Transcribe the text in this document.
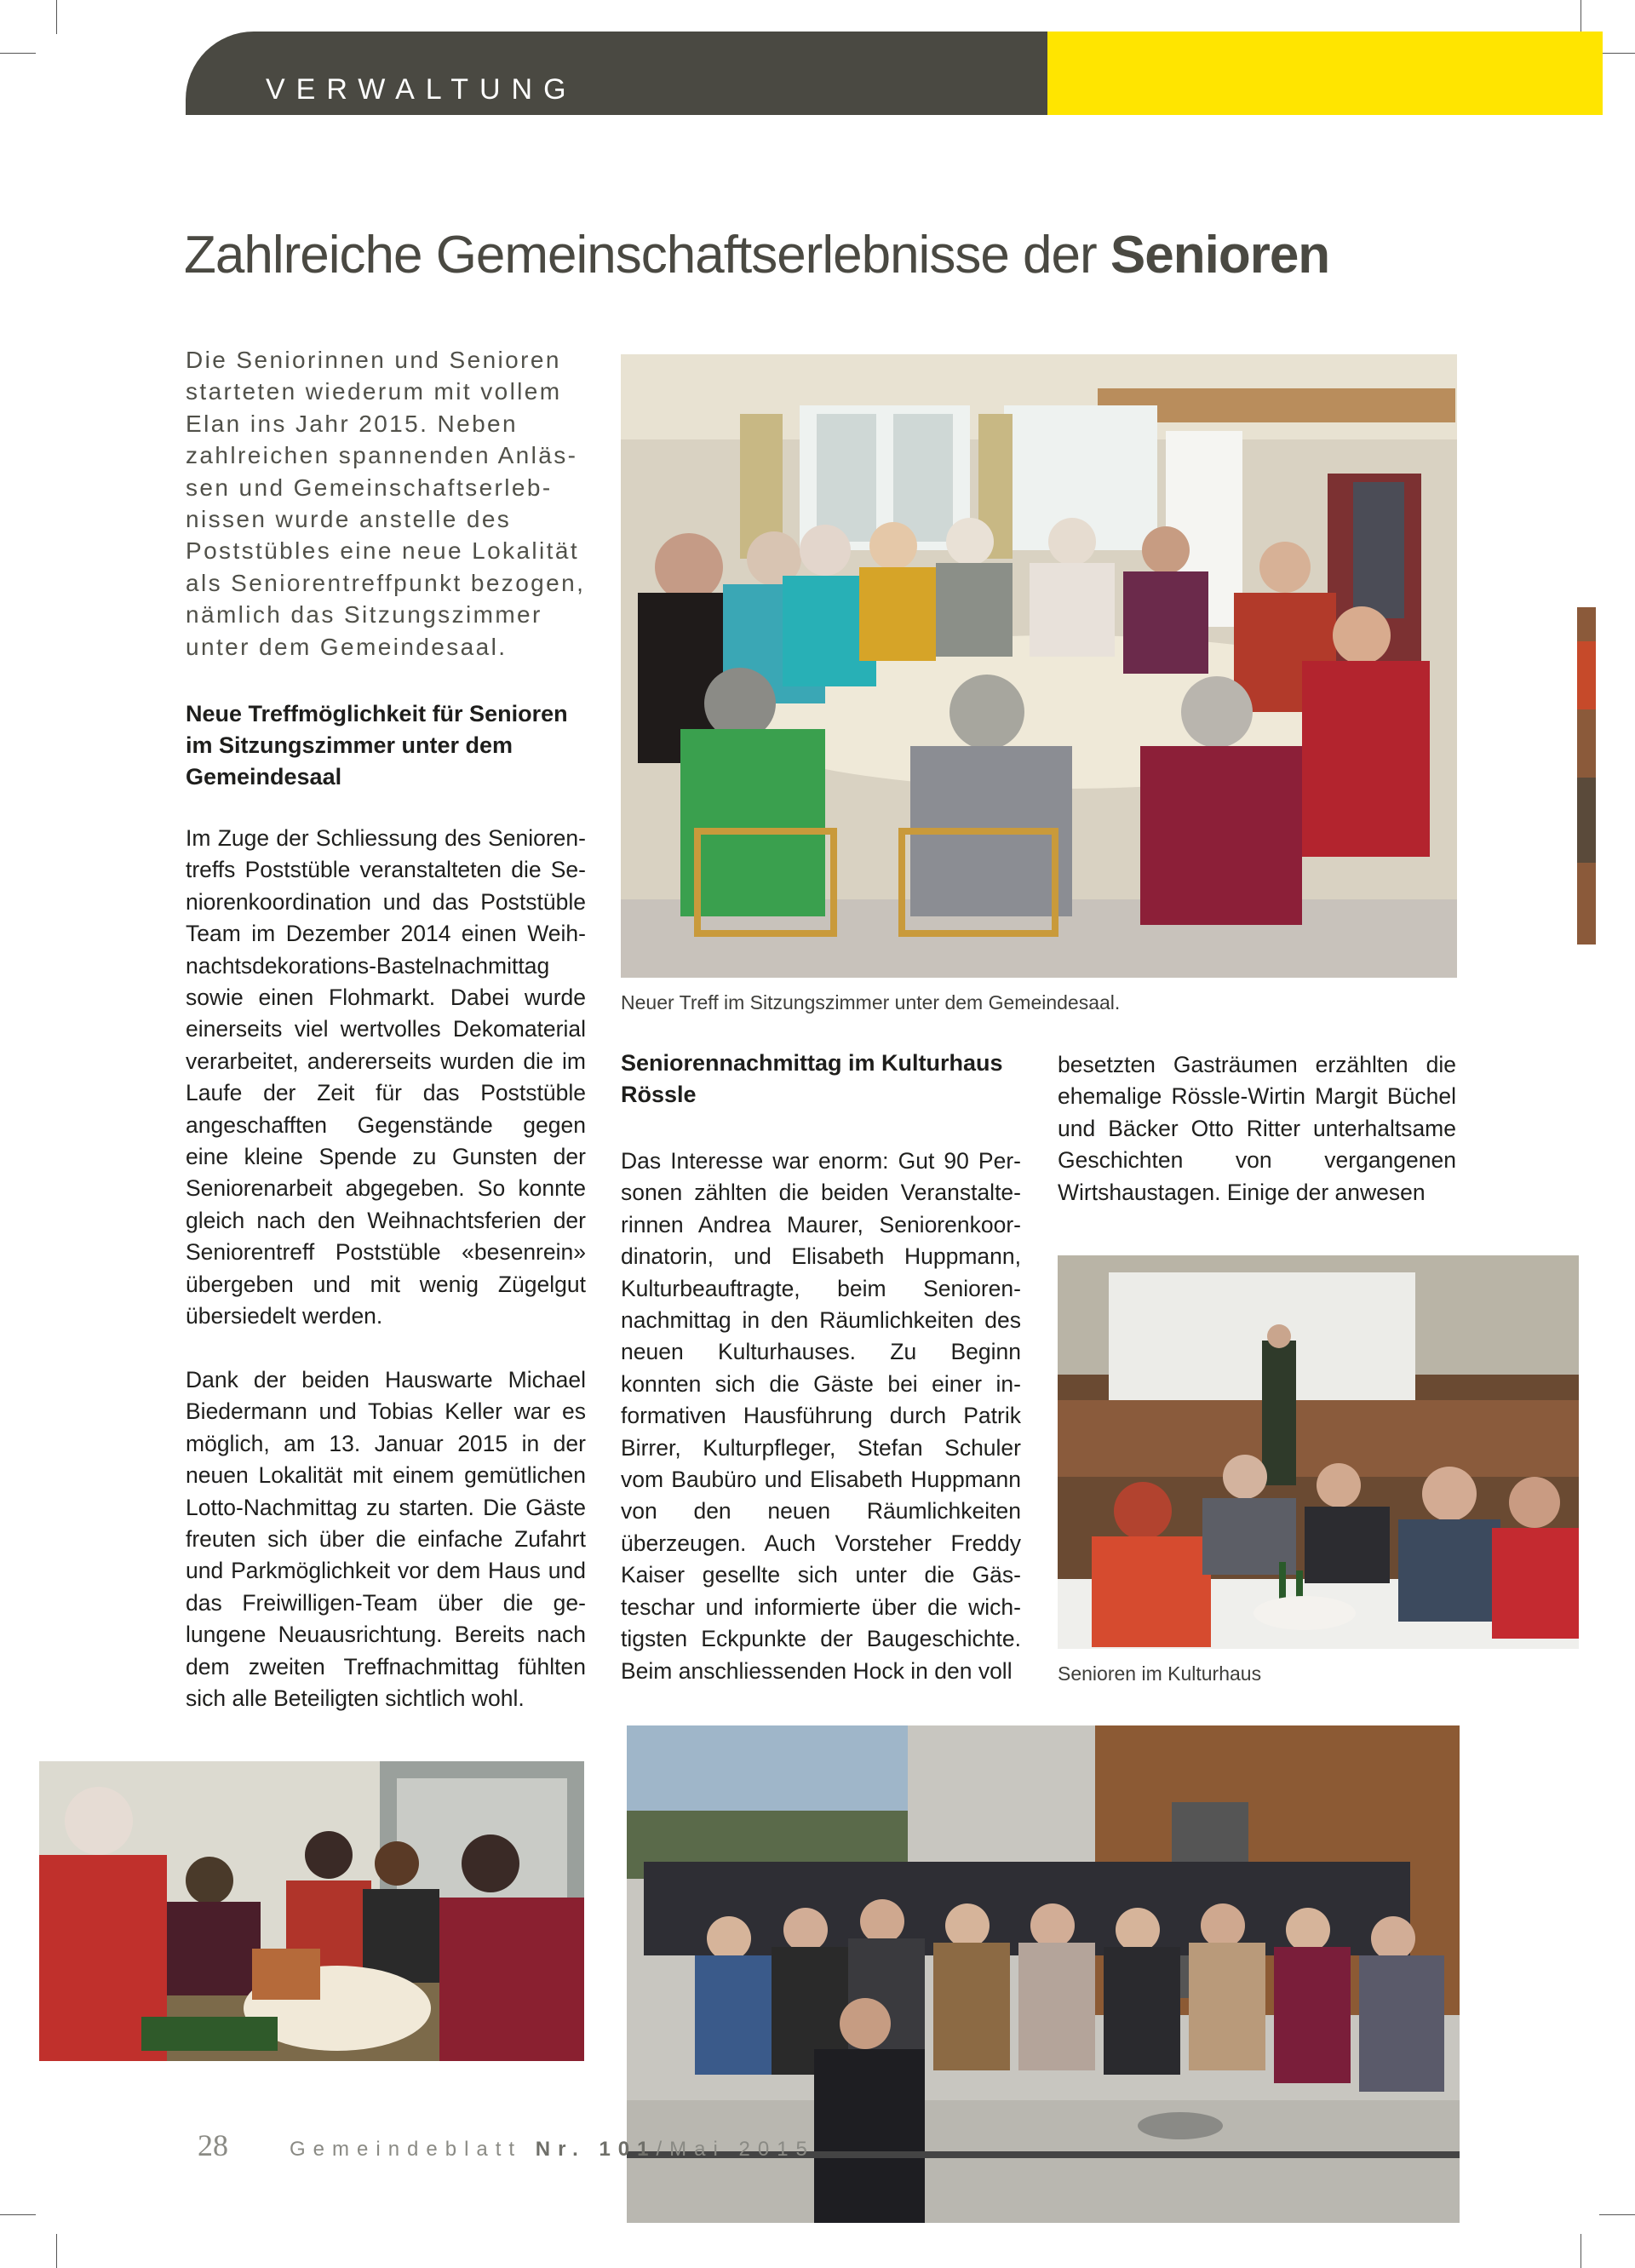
VERWALTUNG
Zahlreiche Gemeinschaftserlebnisse der Senioren
Die Seniorinnen und Senioren starteten wiederum mit vollem Elan ins Jahr 2015. Neben zahlreichen spannenden Anlässen und Gemeinschaftserlebnissen wurde anstelle des Poststübles eine neue Lokalität als Seniorentreffpunkt bezogen, nämlich das Sitzungszimmer unter dem Gemeindesaal.
Neue Treffmöglichkeit für Senioren im Sitzungszimmer unter dem Gemeindesaal

Im Zuge der Schliessung des Seniorentreffs Poststüble veranstalteten die Seniorenkoordination und das Poststüble Team im Dezember 2014 einen Weihnachtsdekorations-Bastelnachmittag sowie einen Flohmarkt. Dabei wurde einerseits viel wertvolles Dekomaterial verarbeitet, andererseits wurden die im Laufe der Zeit für das Poststüble angeschafften Gegenstände gegen eine kleine Spende zu Gunsten der Seniorenarbeit abgegeben. So konnte gleich nach den Weihnachtsferien der Seniorentreff Poststüble «besenrein» übergeben und mit wenig Zügelgut übersiedelt werden.

Dank der beiden Hauswarte Michael Biedermann und Tobias Keller war es möglich, am 13. Januar 2015 in der neuen Lokalität mit einem gemütlichen Lotto-Nachmittag zu starten. Die Gäste freuten sich über die einfache Zufahrt und Parkmöglichkeit vor dem Haus und das Freiwilligen-Team über die gelungene Neuausrichtung. Bereits nach dem zweiten Treffnachmittag fühlten sich alle Beteiligten sichtlich wohl.

Neuer Treff im Sitzungszimmer unter dem Gemeindesaal.
Seniorennachmittag im Kulturhaus Rössle

Das Interesse war enorm: Gut 90 Personen zählten die beiden Veranstalterinnen Andrea Maurer, Seniorenkoordinatorin, und Elisabeth Huppmann, Kulturbeauftragte, beim Seniorennachmittag in den Räumlichkeiten des neuen Kulturhauses. Zu Beginn konnten sich die Gäste bei einer informativen Hausführung durch Patrik Birrer, Kulturpfleger, Stefan Schuler vom Baubüro und Elisabeth Huppmann von den neuen Räumlichkeiten überzeugen. Auch Vorsteher Freddy Kaiser gesellte sich unter die Gästeschar und informierte über die wichtigsten Eckpunkte der Baugeschichte. Beim anschliessenden Hock in den voll

besetzten Gasträumen erzählten die ehemalige Rössle-Wirtin Margit Büchel und Bäcker Otto Ritter unterhaltsame Geschichten von vergangenen Wirtshaustagen. Einige der anwesen

Senioren im Kulturhaus
28	Gemeindeblatt Nr. 101/Mai 2015
